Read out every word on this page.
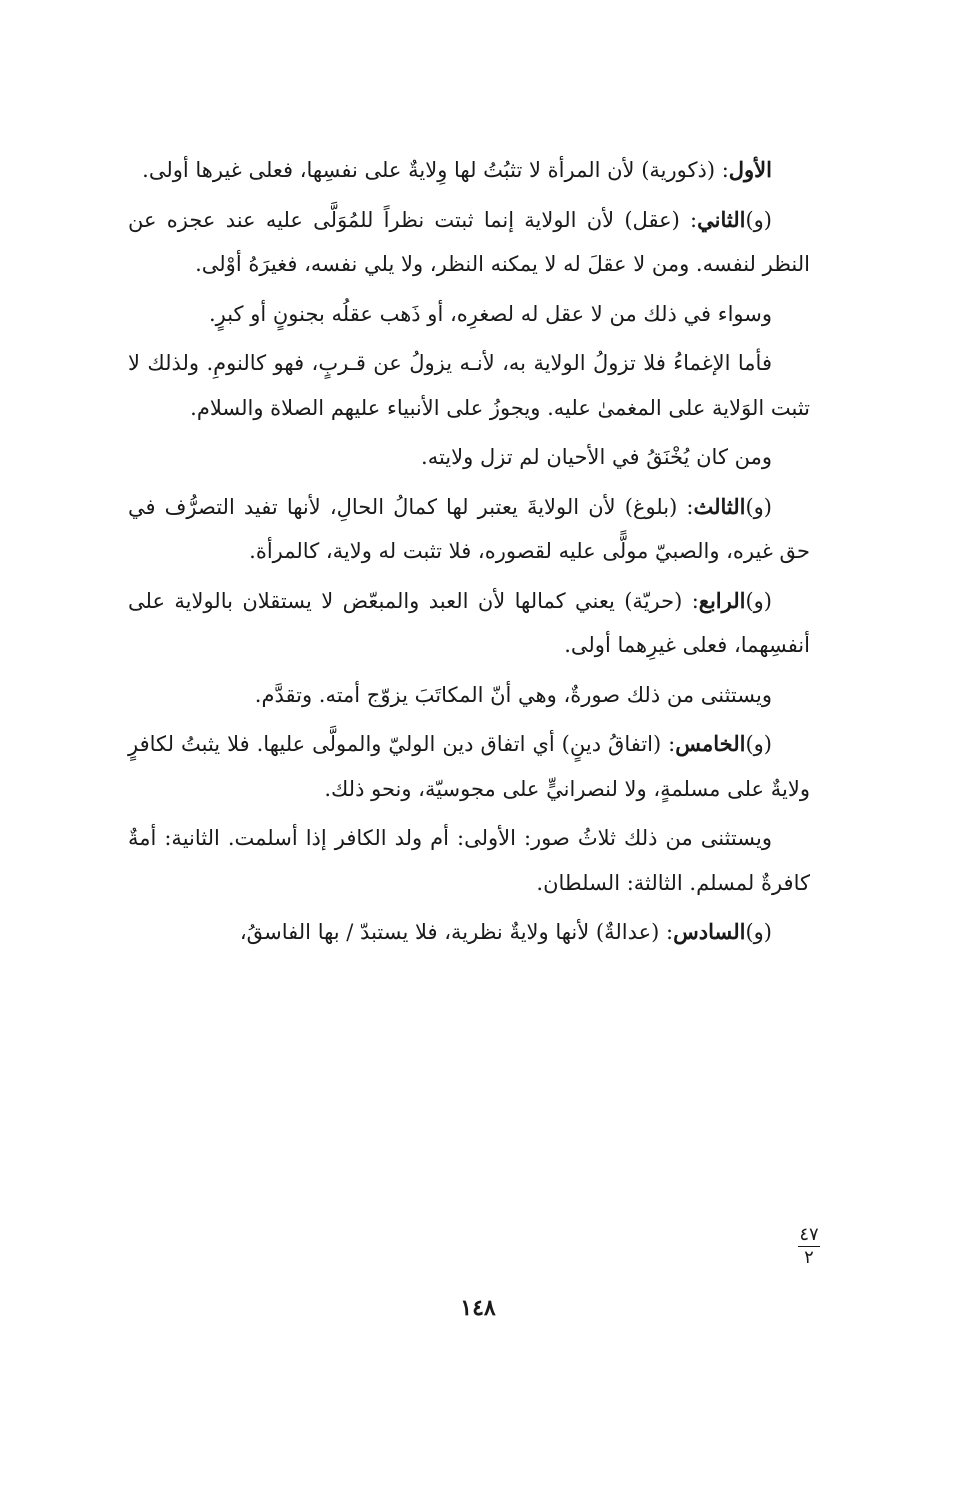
الأول: (ذكورية) لأن المرأة لا تثبُتُ لها وِلايةٌ على نفسِها، فعلى غيرها أولى.

(و)الثاني: (عقل) لأن الولاية إنما ثبتت نظراً للمُوَلَّى عليه عند عجزه عن النظر لنفسه. ومن لا عقلَ له لا يمكنه النظر، ولا يلي نفسه، فغيرَهُ أوْلى.

وسواء في ذلك من لا عقل له لصغرِه، أو ذَهب عقلُه بجنونٍ أو كبرٍ.

فأما الإغماءُ فلا تزولُ الولاية به، لأنـه يزولُ عن قـربٍ، فهو كالنومِ. ولذلك لا تثبت الوَلاية على المغمىٰ عليه. ويجوزُ على الأنبياء عليهم الصلاة والسلام.

ومن كان يُخْنَقُ في الأحيان لم تزل ولايته.

(و)الثالث: (بلوغ) لأن الولايةَ يعتبر لها كمالُ الحالِ، لأنها تفيد التصرُّف في حق غيره، والصبيّ مولًّى عليه لقصوره، فلا تثبت له ولاية، كالمرأة.

(و)الرابع: (حريّة) يعني كمالها لأن العبد والمبعّض لا يستقلان بالولاية على أنفسِهما، فعلى غيرِهما أولى.

ويستثنى من ذلك صورةٌ، وهي أنّ المكاتَبَ يزوّج أمته. وتقدَّم.

(و)الخامس: (اتفاقُ دينٍ) أي اتفاق دين الوليّ والمولَّى عليها. فلا يثبتُ لكافرٍ ولايةٌ على مسلمةٍ، ولا لنصرانيٍّ على مجوسيّة، ونحو ذلك.

ويستثنى من ذلك ثلاثُ صور: الأولى: أم ولد الكافر إذا أسلمت. الثانية: أمةٌ كافرةٌ لمسلم. الثالثة: السلطان.

(و)السادس: (عدالةٌ) لأنها ولايةٌ نظرية، فلا يستبدّ / بها الفاسقُ،

٤٧
٢
١٤٨
